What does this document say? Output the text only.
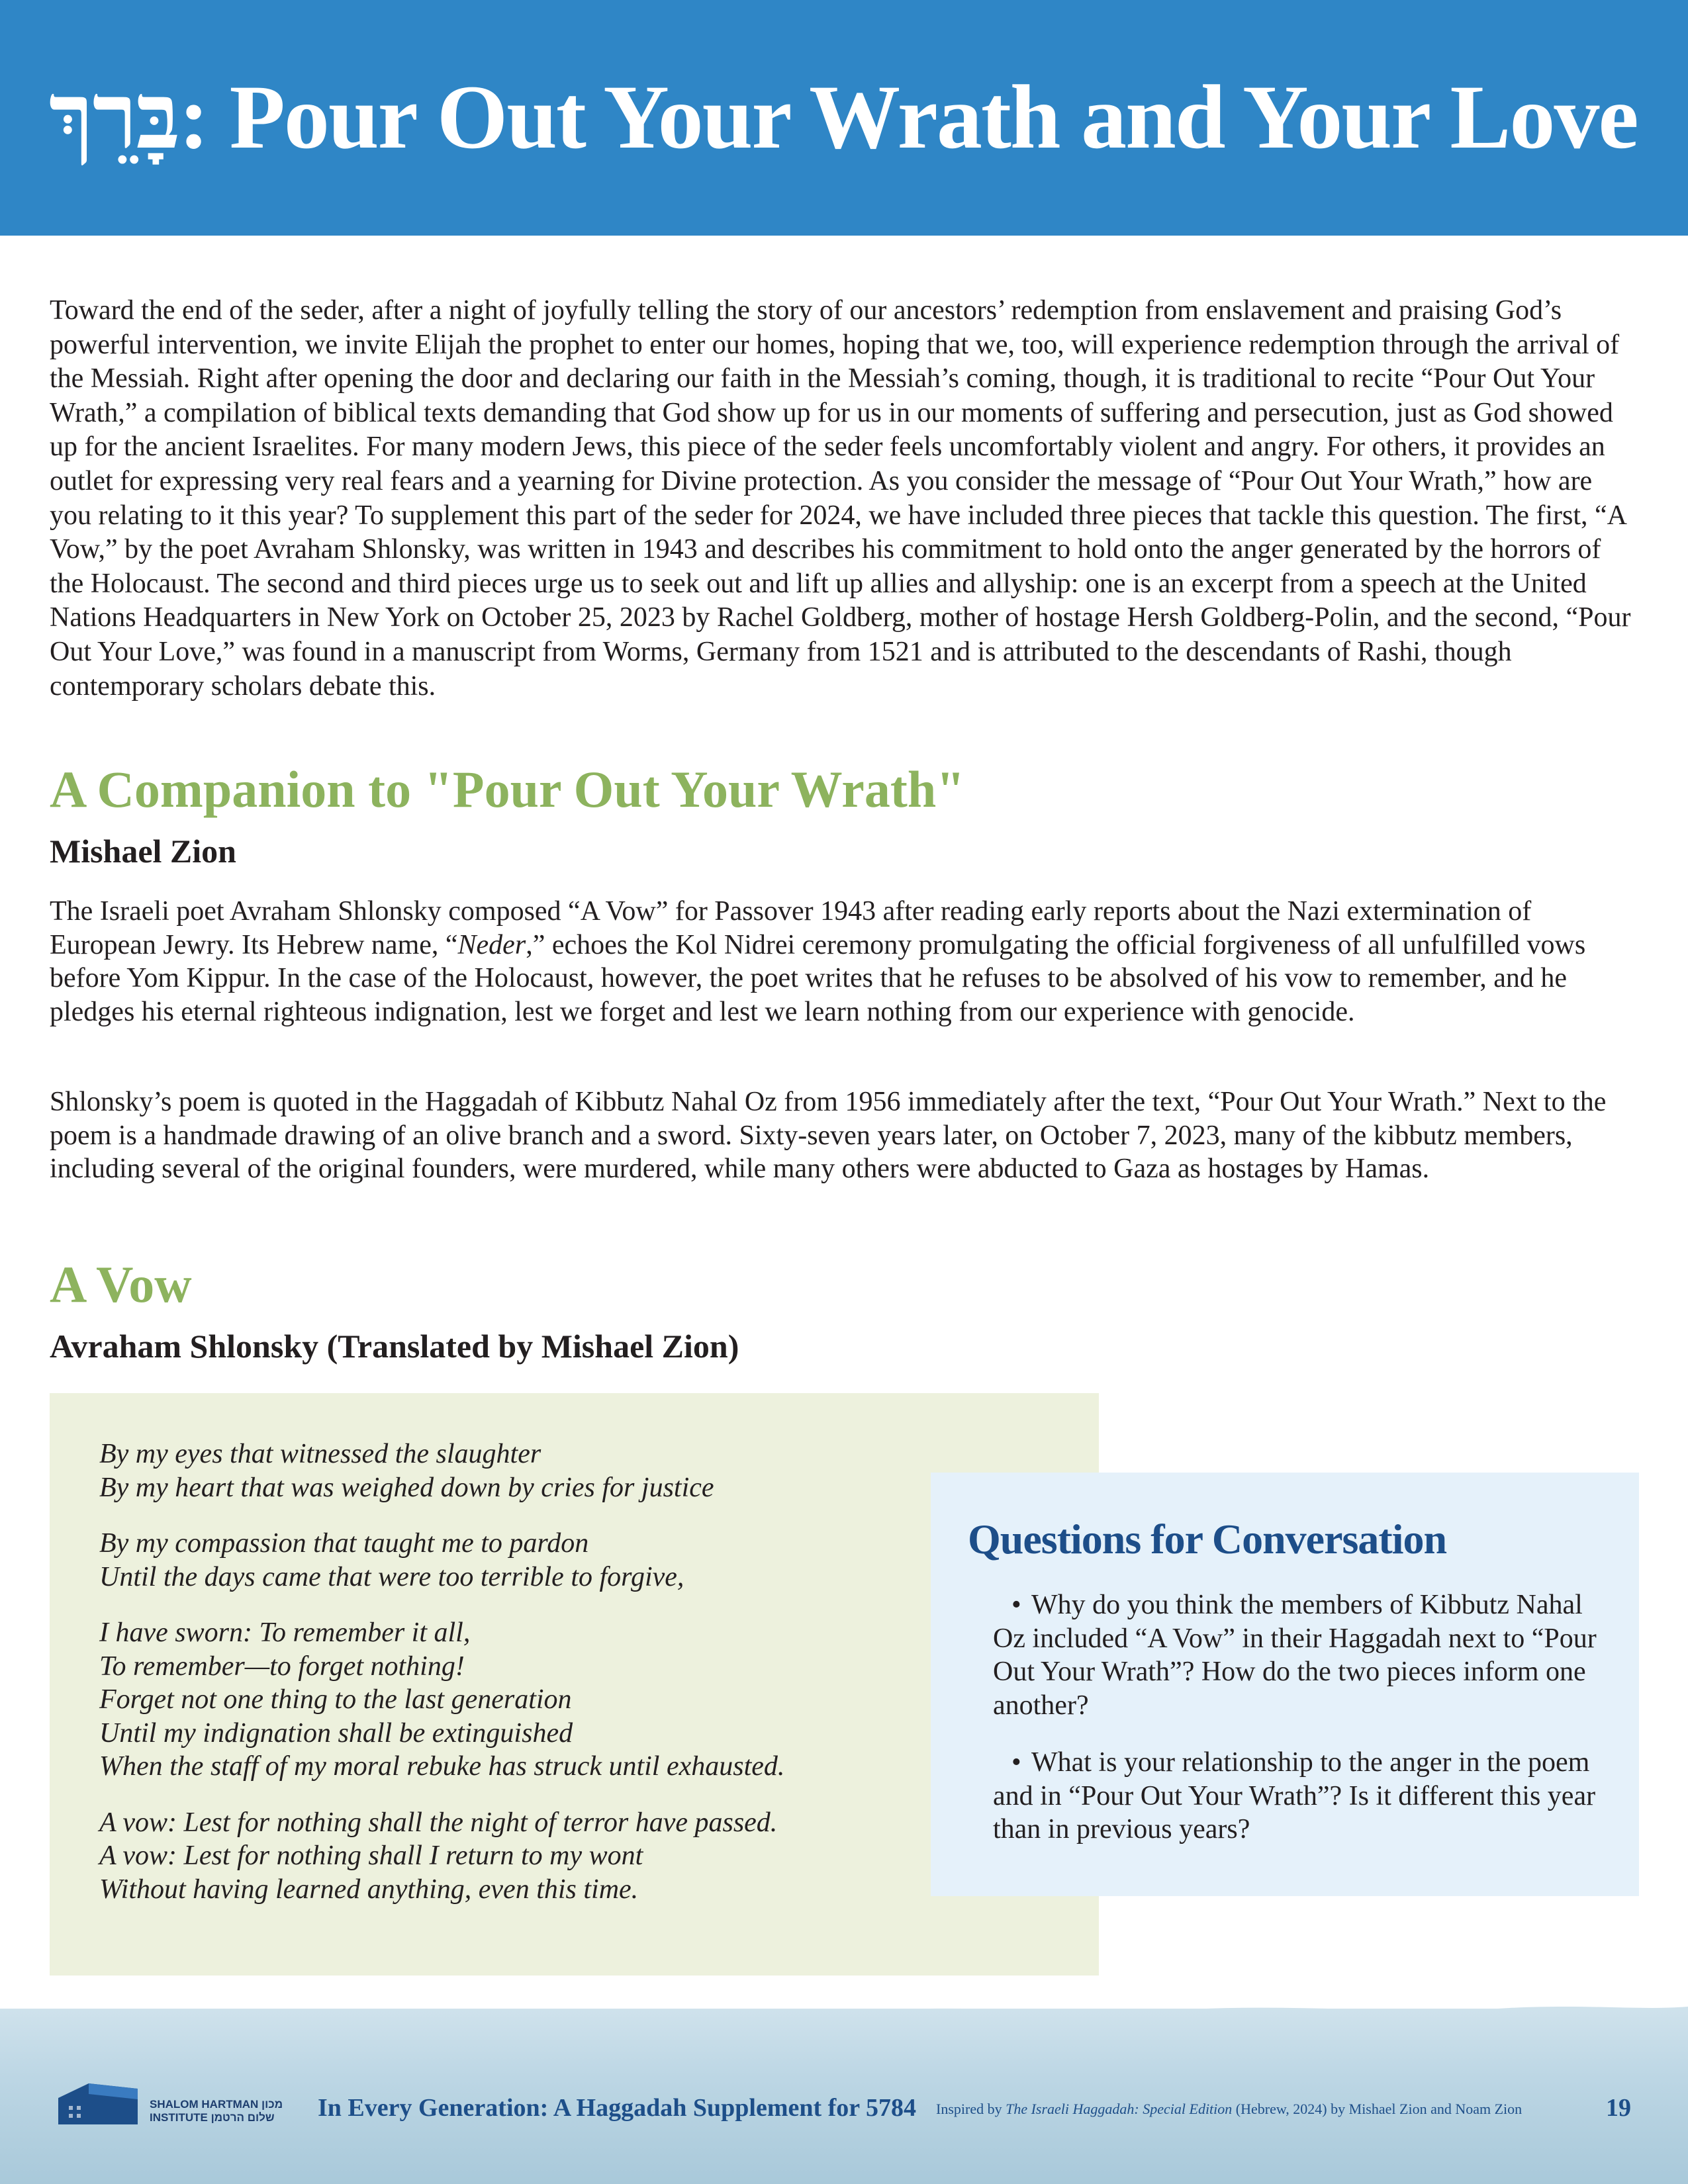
בָּרֵךְ: Pour Out Your Wrath and Your Love

Toward the end of the seder, after a night of joyfully telling the story of our ancestors’ redemption from enslavement and praising God’s powerful intervention, we invite Elijah the prophet to enter our homes, hoping that we, too, will experience redemption through the arrival of the Messiah. Right after opening the door and declaring our faith in the Messiah’s coming, though, it is traditional to recite “Pour Out Your Wrath,” a compilation of biblical texts demanding that God show up for us in our moments of suffering and persecution, just as God showed up for the ancient Israelites. For many modern Jews, this piece of the seder feels uncomfortably violent and angry. For others, it provides an outlet for expressing very real fears and a yearning for Divine protection. As you consider the message of “Pour Out Your Wrath,” how are you relating to it this year? To supplement this part of the seder for 2024, we have included three pieces that tackle this question. The first, “A Vow,” by the poet Avraham Shlonsky, was written in 1943 and describes his commitment to hold onto the anger generated by the horrors of the Holocaust. The second and third pieces urge us to seek out and lift up allies and allyship: one is an excerpt from a speech at the United Nations Headquarters in New York on October 25, 2023 by Rachel Goldberg, mother of hostage Hersh Goldberg-Polin, and the second, “Pour Out Your Love,” was found in a manuscript from Worms, Germany from 1521 and is attributed to the descendants of Rashi, though contemporary scholars debate this.

A Companion to "Pour Out Your Wrath"

Mishael Zion

The Israeli poet Avraham Shlonsky composed “A Vow” for Passover 1943 after reading early reports about the Nazi extermination of European Jewry. Its Hebrew name, “Neder,” echoes the Kol Nidrei ceremony promulgating the official forgiveness of all unfulfilled vows before Yom Kippur. In the case of the Holocaust, however, the poet writes that he refuses to be absolved of his vow to remember, and he pledges his eternal righteous indignation, lest we forget and lest we learn nothing from our experience with genocide.

Shlonsky’s poem is quoted in the Haggadah of Kibbutz Nahal Oz from 1956 immediately after the text, “Pour Out Your Wrath.” Next to the poem is a handmade drawing of an olive branch and a sword. Sixty-seven years later, on October 7, 2023, many of the kibbutz members, including several of the original founders, were murdered, while many others were abducted to Gaza as hostages by Hamas.

A Vow

Avraham Shlonsky (Translated by Mishael Zion)

By my eyes that witnessed the slaughter
By my heart that was weighed down by cries for justice
By my compassion that taught me to pardon
Until the days came that were too terrible to forgive,
I have sworn: To remember it all,
To remember—to forget nothing!
Forget not one thing to the last generation
Until my indignation shall be extinguished
When the staff of my moral rebuke has struck until exhausted.
A vow: Lest for nothing shall the night of terror have passed.
A vow: Lest for nothing shall I return to my wont
Without having learned anything, even this time.
Questions for Conversation
• Why do you think the members of Kibbutz Nahal Oz included “A Vow” in their Haggadah next to “Pour Out Your Wrath”? How do the two pieces inform one another?
• What is your relationship to the anger in the poem and in “Pour Out Your Wrath”? Is it different this year than in previous years?
SHALOM HARTMAN מכון
INSTITUTE שלום הרטמן	In Every Generation: A Haggadah Supplement for 5784 Inspired by The Israeli Haggadah: Special Edition (Hebrew, 2024) by Mishael Zion and Noam Zion	19
